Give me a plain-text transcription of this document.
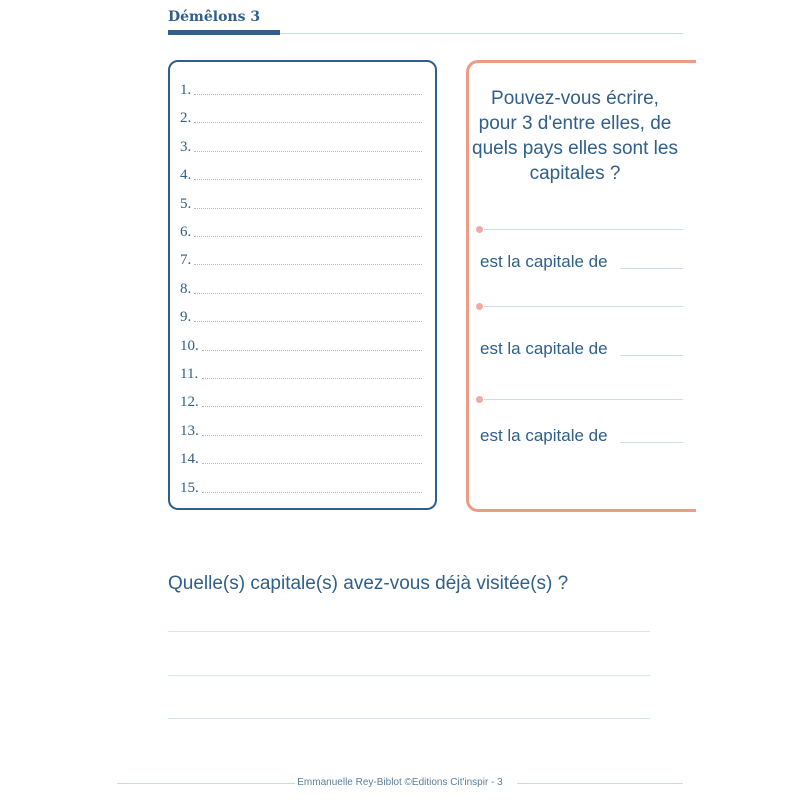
Démêlons 3
1.
2.
3.
4.
5.
6.
7.
8.
9.
10.
11.
12.
13.
14.
15.
Pouvez-vous écrire, pour 3 d'entre elles, de quels pays elles sont les capitales ?
est la capitale de
est la capitale de
est la capitale de
Quelle(s) capitale(s) avez-vous déjà visitée(s) ?
Emmanuelle Rey-Biblot ©Editions Cit'inspir - 3
